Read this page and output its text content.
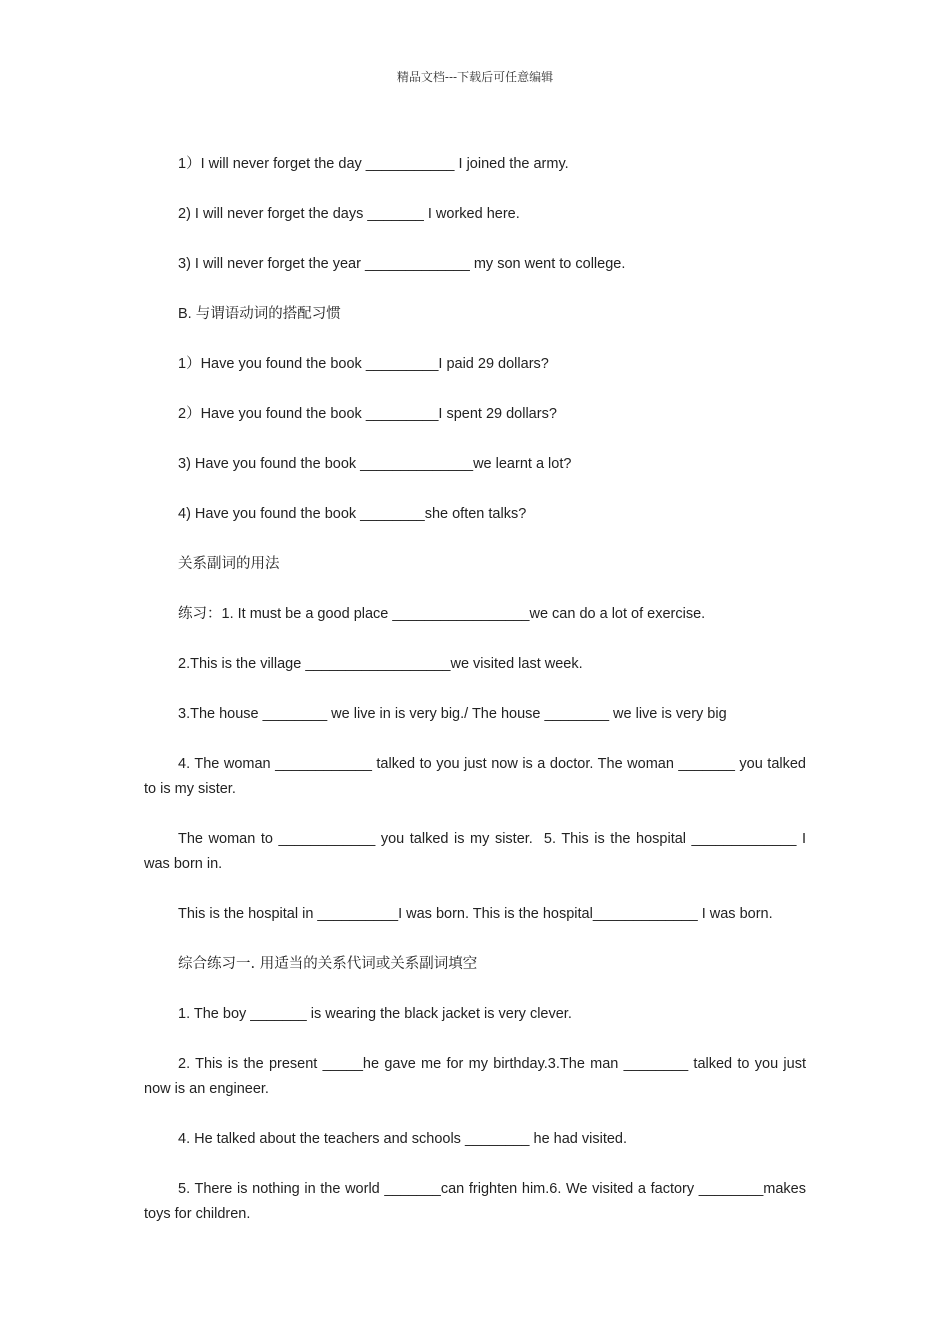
精品文档---下载后可任意编辑

1）I will never forget the day ___________ I joined the army.

2) I will never forget the days _______ I worked here.

3) I will never forget the year _____________ my son went to college.

B. 与谓语动词的搭配习惯

1）Have you found the book _________I paid 29 dollars?

2）Have you found the book _________I spent 29 dollars?

3) Have you found the book ______________we learnt a lot?

4) Have you found the book ________she often talks?

关系副词的用法

练习：1. It must be a good place _________________we can do a lot of exercise.

2.This is the village __________________we visited last week.

3.The house ________ we live in is very big./ The house ________ we live is very big

4. The woman ____________ talked to you just now is a doctor. The woman _______ you talked to is my sister.

The woman to ____________ you talked is my sister.  5. This is the hospital _____________ I was born in.

This is the hospital in __________I was born. This is the hospital_____________ I was born.

综合练习一. 用适当的关系代词或关系副词填空

1. The boy _______ is wearing the black jacket is very clever.

2. This is the present _____he gave me for my birthday.3.The man ________ talked to you just now is an engineer.

4. He talked about the teachers and schools ________ he had visited.

5. There is nothing in the world _______can frighten him.6. We visited a factory ________makes toys for children.
